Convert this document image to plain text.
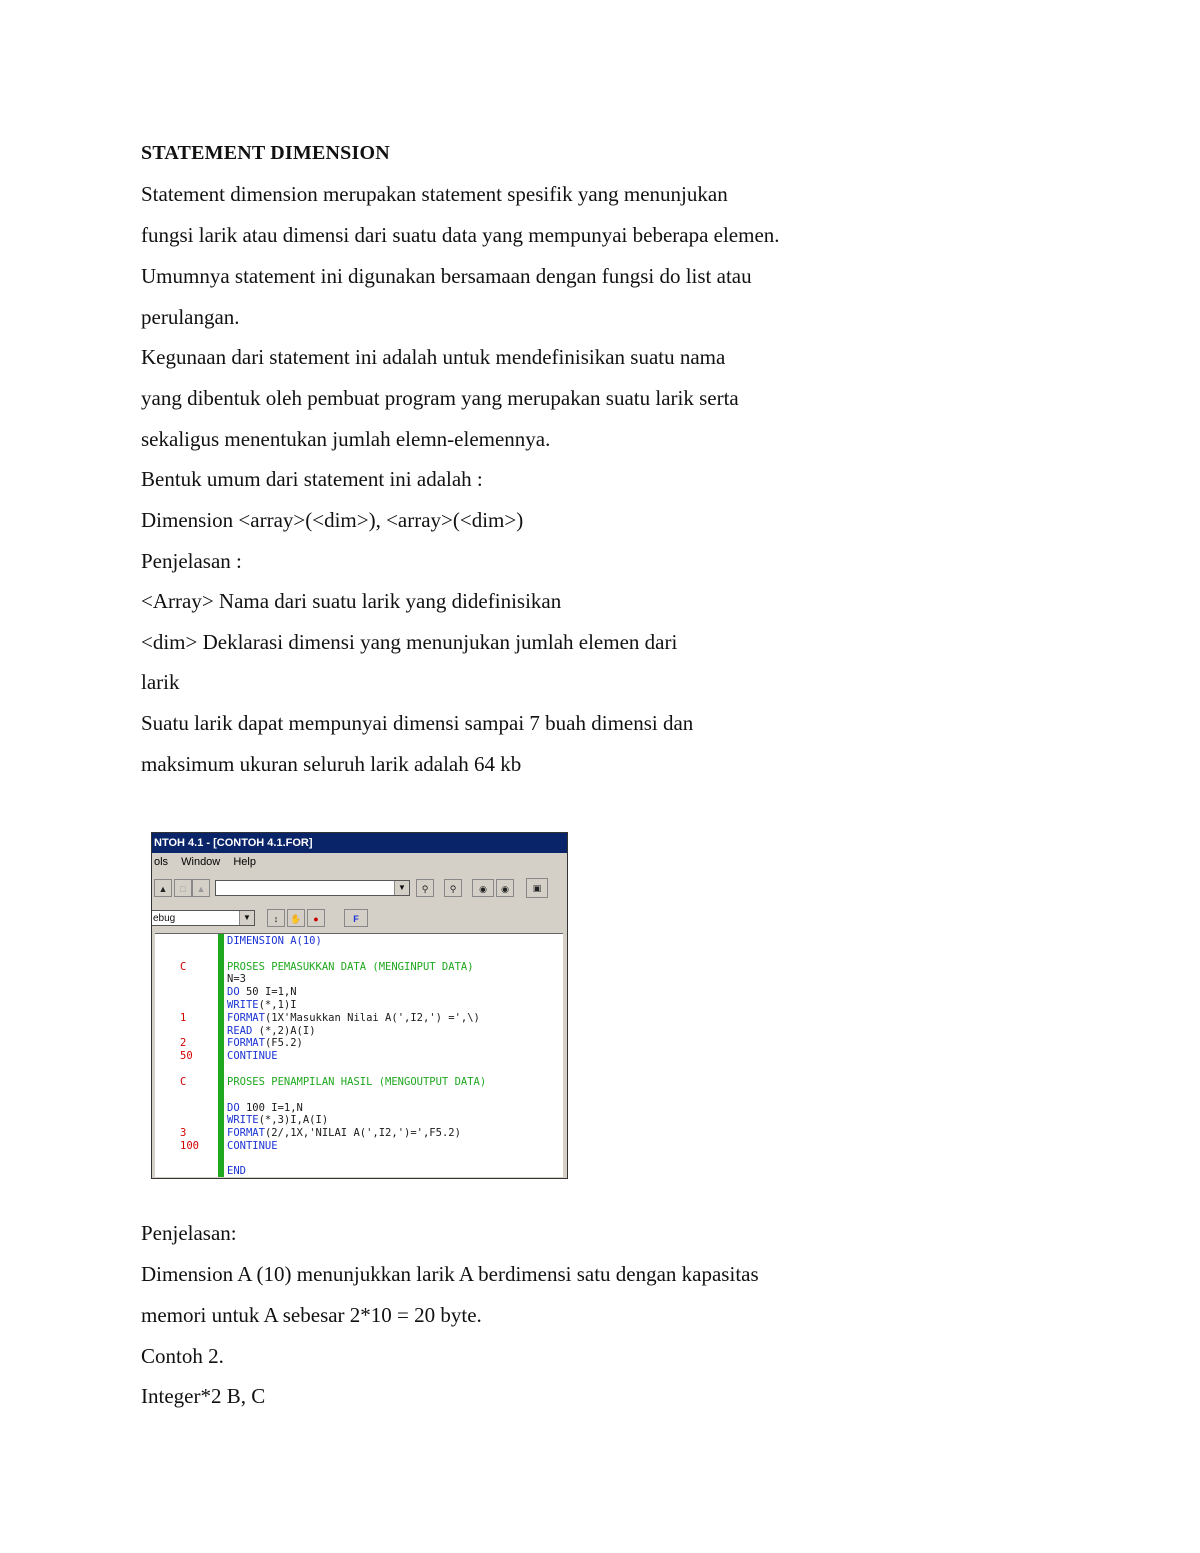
STATEMENT DIMENSION
Statement dimension merupakan statement spesifik yang menunjukan
fungsi larik atau dimensi dari suatu data yang mempunyai beberapa elemen.
Umumnya statement ini digunakan bersamaan dengan fungsi do list atau
perulangan.
Kegunaan dari statement ini adalah untuk mendefinisikan suatu nama
yang dibentuk oleh pembuat program yang merupakan suatu larik serta
sekaligus menentukan jumlah elemn-elemennya.
Bentuk umum dari statement ini adalah :
Dimension <array>(<dim>), <array>(<dim>)
Penjelasan :
<Array> Nama dari suatu larik yang didefinisikan
<dim> Deklarasi dimensi yang menunjukan jumlah elemen dari
larik
Suatu larik dapat mempunyai dimensi sampai 7 buah dimensi dan
maksimum ukuran seluruh larik adalah 64 kb
NTOH 4.1 - [CONTOH 4.1.FOR]
ols Window Help
▲	□	▲	▼	⚲	⚲	◉	◉	▣
ebug	▼	↕	✋	●	F
C
1
2
50
C
3
100
DIMENSION A(10)
PROSES PEMASUKKAN DATA (MENGINPUT DATA)
N=3
DO 50 I=1,N
WRITE(*,1)I
FORMAT(1X'Masukkan Nilai A(',I2,') =',\)
READ (*,2)A(I)
FORMAT(F5.2)
CONTINUE
PROSES PENAMPILAN HASIL (MENGOUTPUT DATA)
DO 100 I=1,N
WRITE(*,3)I,A(I)
FORMAT(2/,1X,'NILAI A(',I2,')=',F5.2)
CONTINUE
END
Penjelasan:
Dimension A (10) menunjukkan larik A berdimensi satu dengan kapasitas
memori untuk A sebesar 2*10 = 20 byte.
Contoh 2.
Integer*2 B, C
